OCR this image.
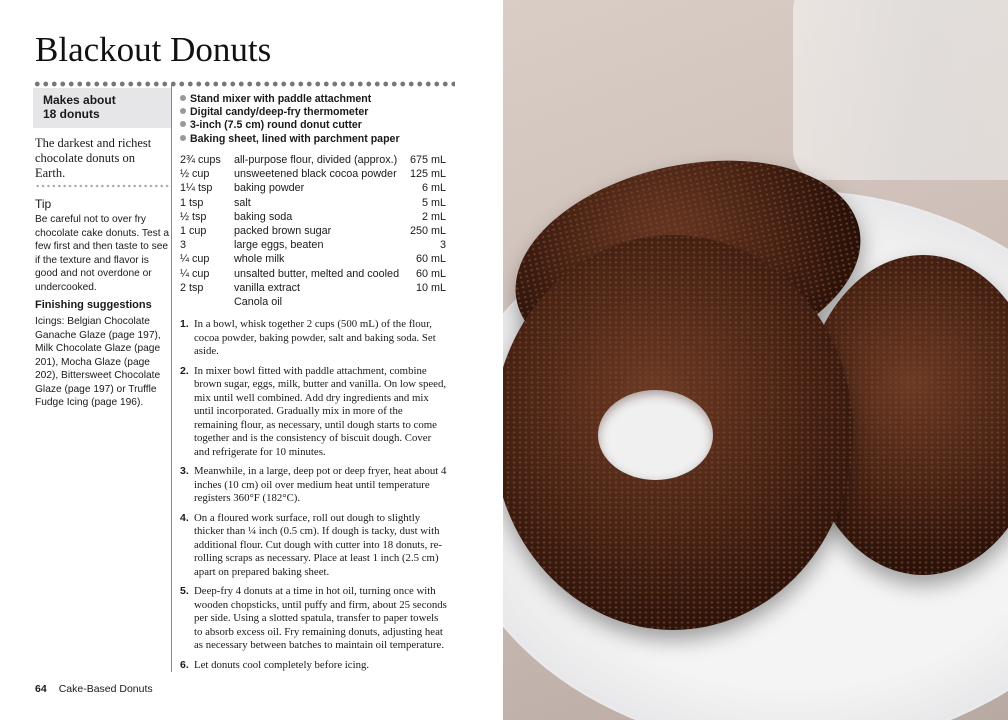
Blackout Donuts
Makes about
18 donuts

The darkest and richest chocolate donuts on Earth.

Tip

Be careful not to over fry chocolate cake donuts. Test a few first and then taste to see if the texture and flavor is good and not overdone or undercooked.

Finishing suggestions

Icings: Belgian Chocolate Ganache Glaze (page 197), Milk Chocolate Glaze (page 201), Mocha Glaze (page 202), Bittersweet Chocolate Glaze (page 197) or Truffle Fudge Icing (page 196).

Stand mixer with paddle attachment
Digital candy/deep-fry thermometer
3-inch (7.5 cm) round donut cutter
Baking sheet, lined with parchment paper
2¾ cups	all-purpose flour, divided (approx.)	675 mL
½ cup	unsweetened black cocoa powder	125 mL
1¼ tsp	baking powder	6 mL
1 tsp	salt	5 mL
½ tsp	baking soda	2 mL
1 cup	packed brown sugar	250 mL
3	large eggs, beaten	3
¼ cup	whole milk	60 mL
¼ cup	unsalted butter, melted and cooled	60 mL
2 tsp	vanilla extract	10 mL
	Canola oil	
1. In a bowl, whisk together 2 cups (500 mL) of the flour, cocoa powder, baking powder, salt and baking soda. Set aside.
2. In mixer bowl fitted with paddle attachment, combine brown sugar, eggs, milk, butter and vanilla. On low speed, mix until well combined. Add dry ingredients and mix until incorporated. Gradually mix in more of the remaining flour, as necessary, until dough starts to come together and is the consistency of biscuit dough. Cover and refrigerate for 10 minutes.
3. Meanwhile, in a large, deep pot or deep fryer, heat about 4 inches (10 cm) oil over medium heat until temperature registers 360°F (182°C).
4. On a floured work surface, roll out dough to slightly thicker than ¼ inch (0.5 cm). If dough is tacky, dust with additional flour. Cut dough with cutter into 18 donuts, re-rolling scraps as necessary. Place at least 1 inch (2.5 cm) apart on prepared baking sheet.
5. Deep-fry 4 donuts at a time in hot oil, turning once with wooden chopsticks, until puffy and firm, about 25 seconds per side. Using a slotted spatula, transfer to paper towels to absorb excess oil. Fry remaining donuts, adjusting heat as necessary between batches to maintain oil temperature.
6. Let donuts cool completely before icing.
64 Cake-Based Donuts
